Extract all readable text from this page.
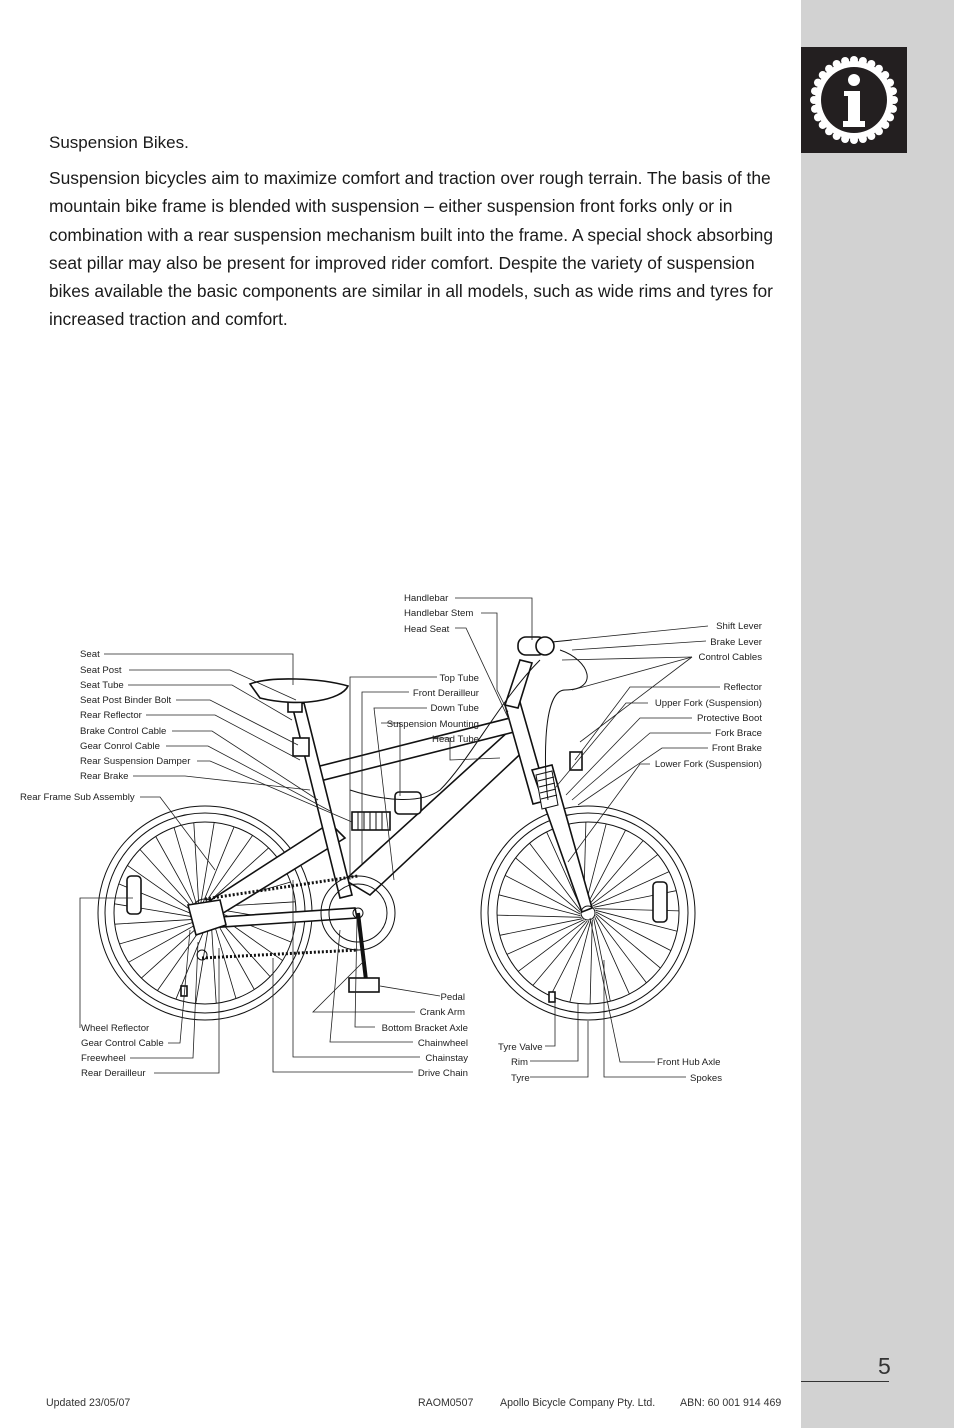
Suspension Bikes.

Suspension bicycles aim to maximize comfort and traction over rough terrain. The basis of the mountain bike frame is blended with suspension – either suspension front forks only or in combination with a rear suspension mechanism built into the frame. A special shock absorbing seat pillar may also be present for improved rider comfort. Despite the variety of suspension bikes available the basic components are similar in all models, such as wide rims and tyres for increased traction and comfort.

Handlebar
Handlebar Stem
Head Seat
Seat
Seat Post
Seat Tube
Seat Post Binder Bolt
Rear Reflector
Brake Control Cable
Gear Conrol Cable
Rear Suspension Damper
Rear Brake
Rear Frame Sub Assembly
Top Tube
Front Derailleur
Down Tube
Suspension Mounting
Head Tube
Shift Lever
Brake Lever
Control Cables
Reflector
Upper Fork (Suspension)
Protective Boot
Fork Brace
Front Brake
Lower Fork (Suspension)
Wheel Reflector
Gear Control Cable
Freewheel
Rear Derailleur
Pedal
Crank Arm
Bottom Bracket Axle
Chainwheel
Chainstay
Drive Chain
Tyre Valve
Rim
Tyre
Front Hub Axle
Spokes
5
Updated 23/05/07	RAOM0507	Apollo Bicycle Company Pty. Ltd. ABN: 60 001 914 469
